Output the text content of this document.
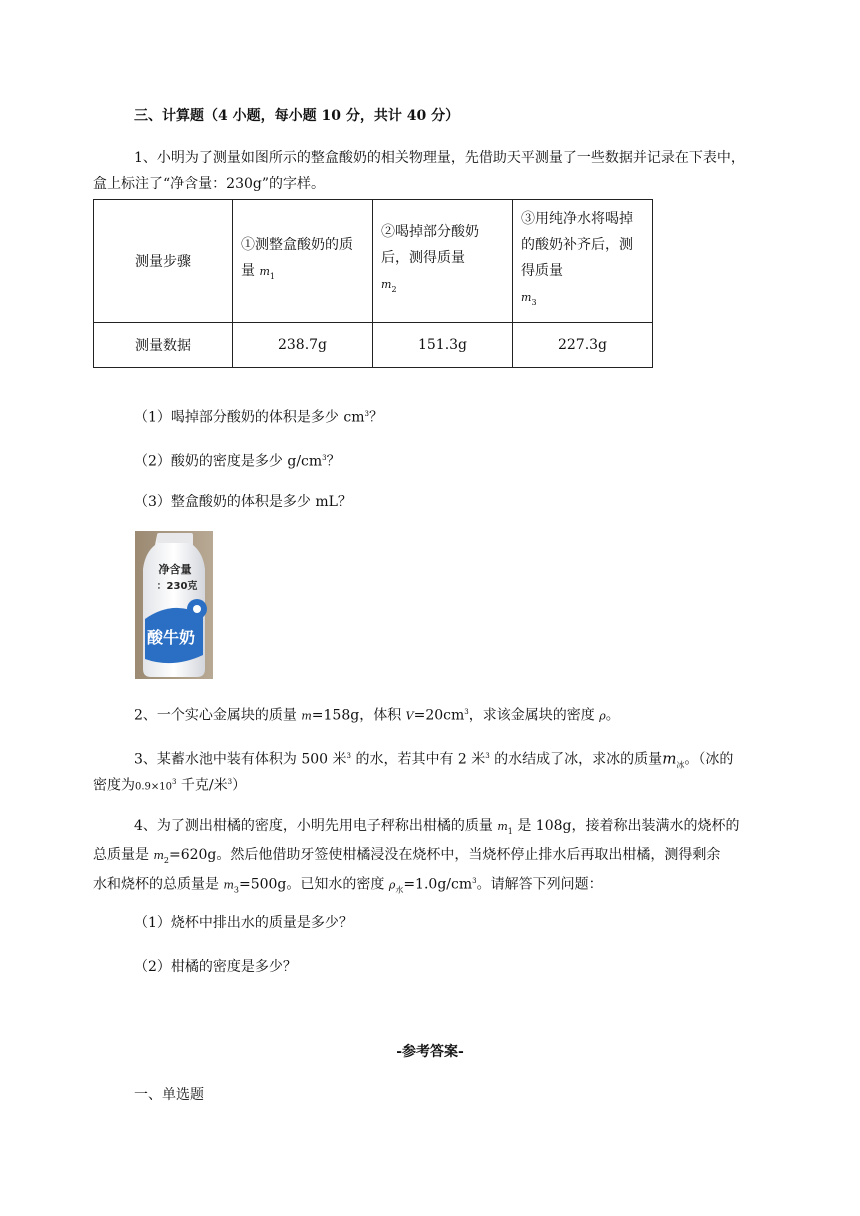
三、计算题（4 小题，每小题 10 分，共计 40 分）
1、小明为了测量如图所示的整盒酸奶的相关物理量，先借助天平测量了一些数据并记录在下表中，
盒上标注了“净含量：230g”的字样。
测量步骤	①测整盒酸奶的质量 $m_1$	②喝掉部分酸奶后，测得质量
$m_2$	③用纯净水将喝掉的酸奶补齐后，测得质量
$m_3$
测量数据	238.7g	151.3g	227.3g
（1）喝掉部分酸奶的体积是多少 $cm^3$？
（2）酸奶的密度是多少 $g/cm^3$？
（3）整盒酸奶的体积是多少 mL？
净含量
：230克
酸牛奶
2、一个实心金属块的质量 m=158g，体积 $V=20cm^3$，求该金属块的密度 ρ。
3、某蓄水池中装有体积为 500 米$^3$ 的水，若其中有 2 米$^3$ 的水结成了冰，求冰的质量$m_冰$。（冰的
密度为$0.9\times 10^3$ 千克/米$^3$）
4、为了测出柑橘的密度，小明先用电子秤称出柑橘的质量 $m_1$ 是 108g，接着称出装满水的烧杯的
总质量是 $m_2=620g$。然后他借助牙签使柑橘浸没在烧杯中，当烧杯停止排水后再取出柑橘，测得剩余
水和烧杯的总质量是 $m_3=500g$。已知水的密度 $\rho_水=1.0g/cm^3$。请解答下列问题：
（1）烧杯中排出水的质量是多少？
（2）柑橘的密度是多少？
-参考答案-
一、单选题
